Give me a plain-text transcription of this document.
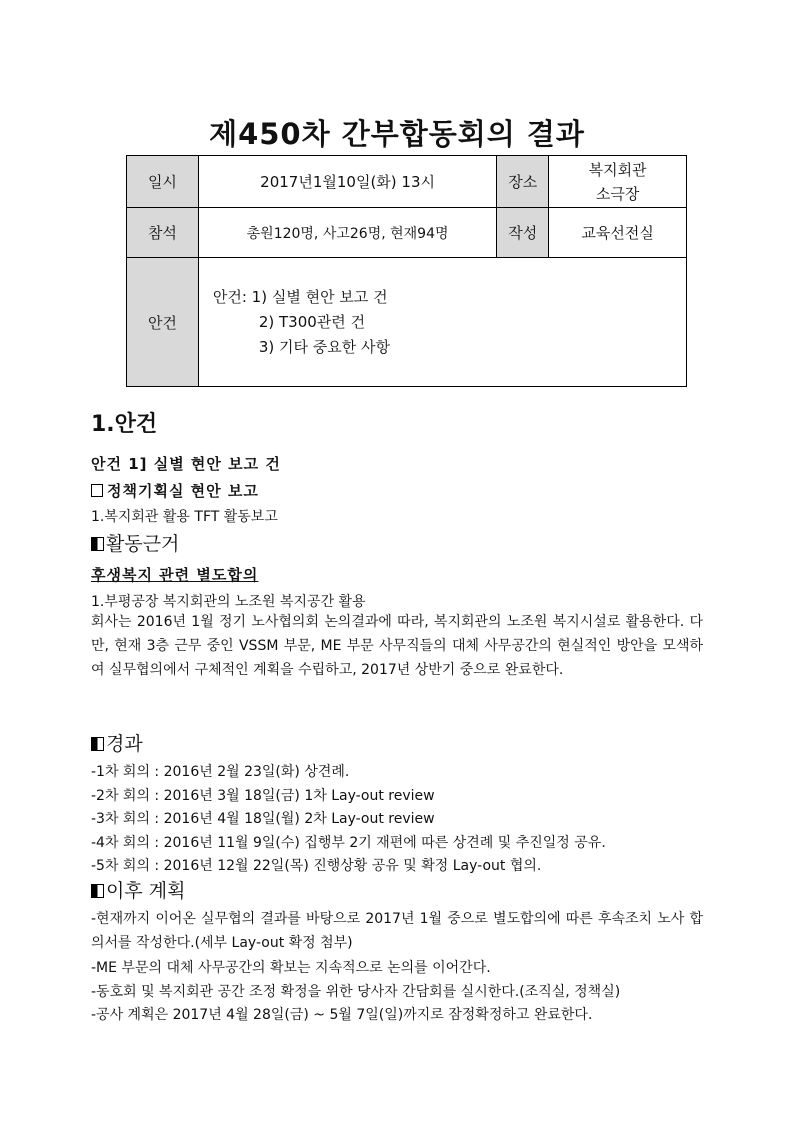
제450차 간부합동회의 결과
일시	2017년1월10일(화) 13시	장소	복지회관
소극장

참석	총원120명, 사고26명, 현재94명	작성	교육선전실
안건	안건: 1) 실별 현안 보고 건
2) T300관련 건
3) 기타 중요한 사항		
1.안건
안건 1] 실별 현안 보고 건
정책기획실 현안 보고
1.복지회관 활용 TFT 활동보고
활동근거
후생복지 관련 별도합의
1.부평공장 복지회관의 노조원 복지공간 활용
회사는 2016년 1월 정기 노사협의회 논의결과에 따라, 복지회관의 노조원 복지시설로 활용한다. 다만, 현재 3층 근무 중인 VSSM 부문, ME 부문 사무직들의 대체 사무공간의 현실적인 방안을 모색하여 실무협의에서 구체적인 계획을 수립하고, 2017년 상반기 중으로 완료한다.
경과
-1차 회의 : 2016년 2월 23일(화) 상견례.
-2차 회의 : 2016년 3월 18일(금) 1차 Lay-out review
-3차 회의 : 2016년 4월 18일(월) 2차 Lay-out review
-4차 회의 : 2016년 11월 9일(수) 집행부 2기 재편에 따른 상견례 및 추진일정 공유.
-5차 회의 : 2016년 12월 22일(목) 진행상황 공유 및 확정 Lay-out 협의.
이후 계획
-현재까지 이어온 실무협의 결과를 바탕으로 2017년 1월 중으로 별도합의에 따른 후속조치 노사 합의서를 작성한다.(세부 Lay-out 확정 첨부)
-ME 부문의 대체 사무공간의 확보는 지속적으로 논의를 이어간다.
-동호회 및 복지회관 공간 조정 확정을 위한 당사자 간담회를 실시한다.(조직실, 정책실)
-공사 계획은 2017년 4월 28일(금) ~ 5월 7일(일)까지로 잠정확정하고 완료한다.
